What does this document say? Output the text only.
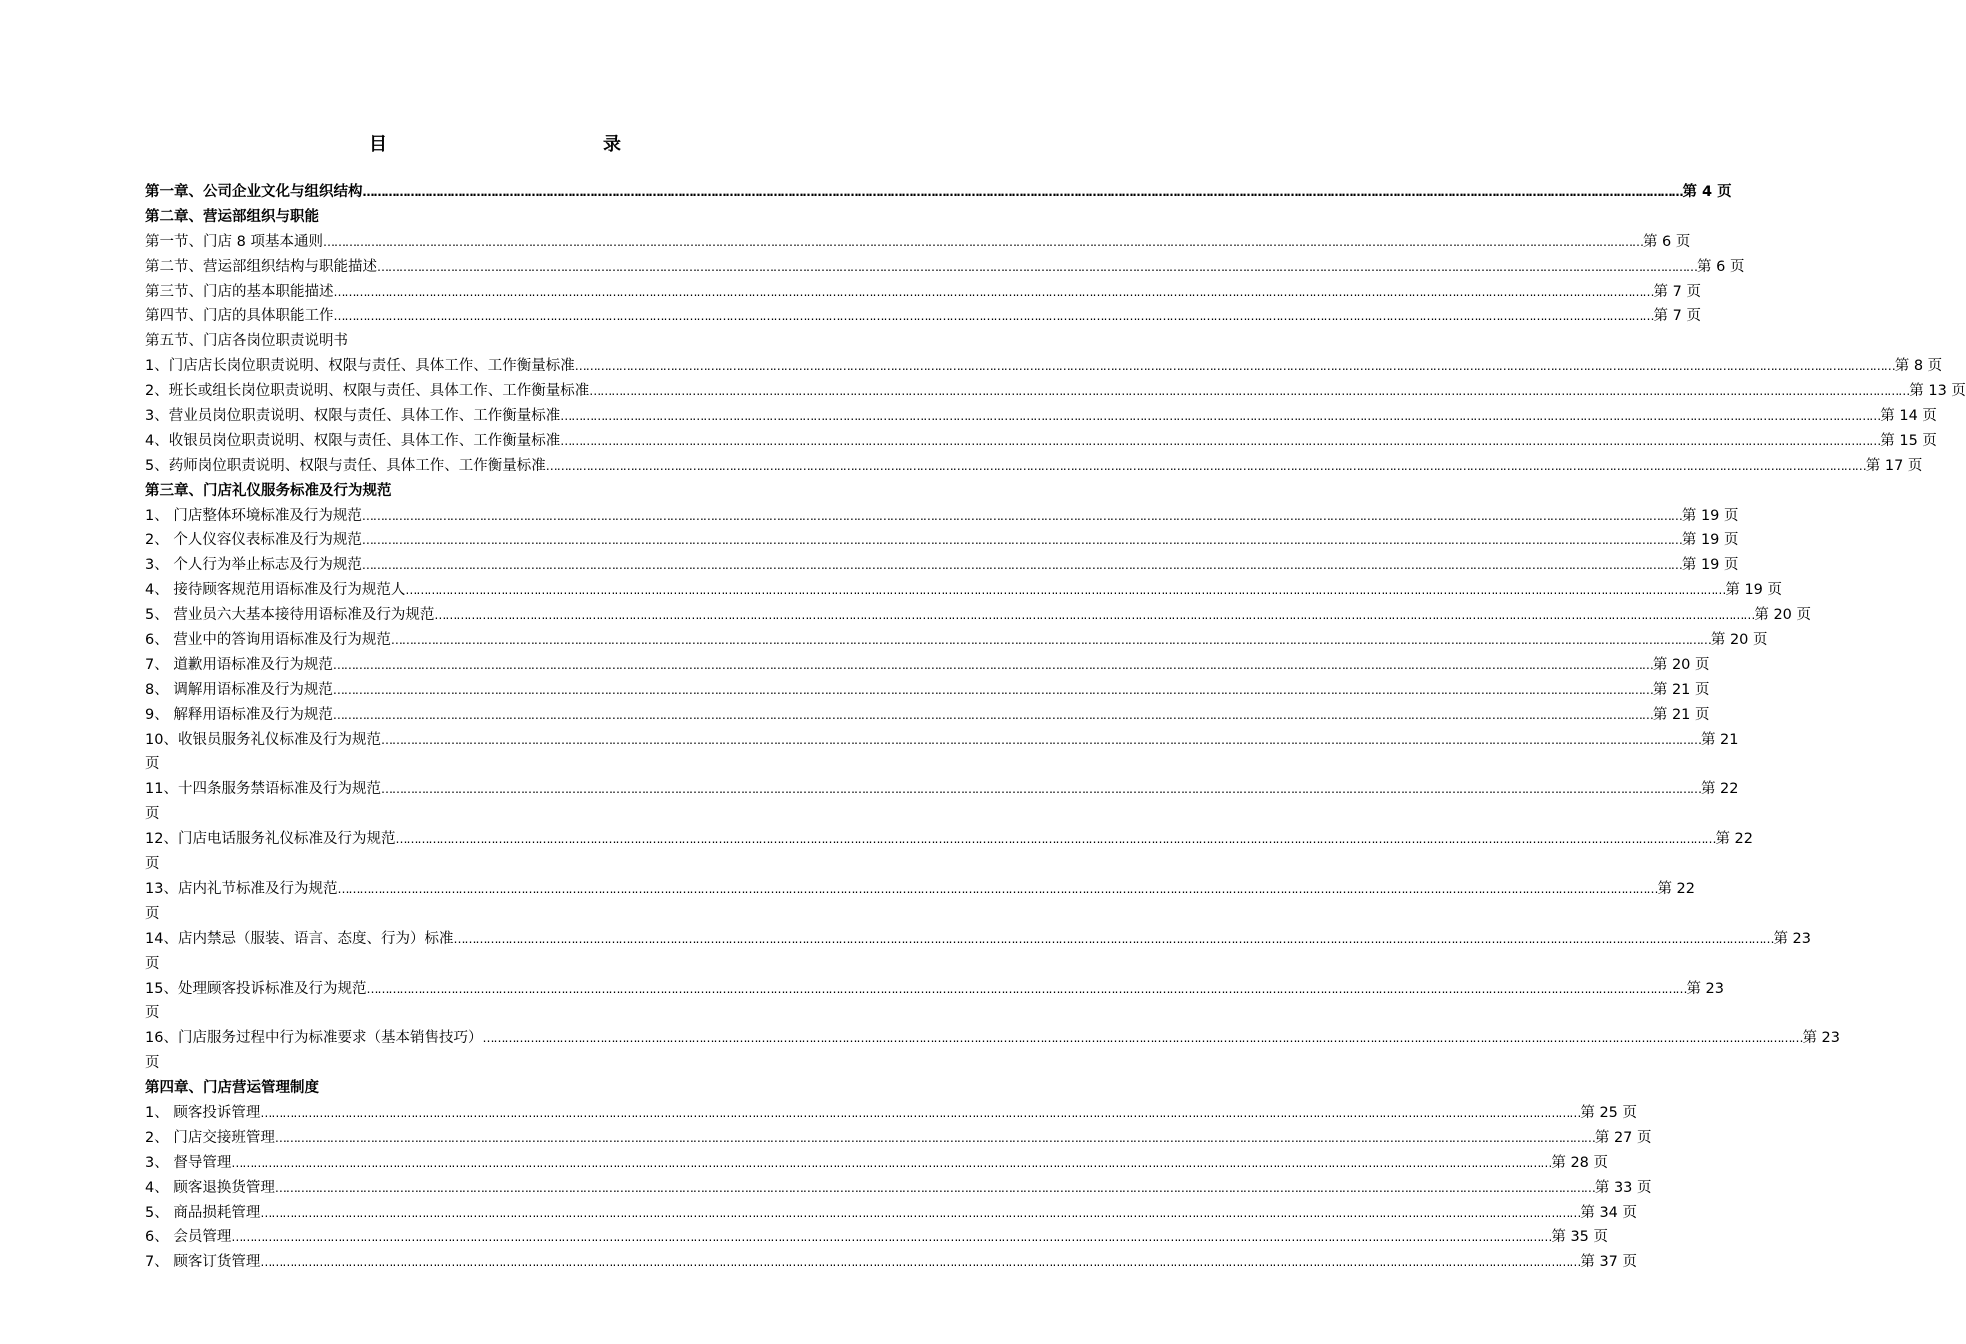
目　　录
第一章、公司企业文化与组织结构 ……………………………………………………………………………………………………………………………………………………………………………………………………………………………………………………………………………………………………………………………… 第 4 页
第二章、营运部组织与职能
第一节、门店 8 项基本通则 ……………………………………………………………………………………………………………………………………………………………………………………………………………………………………………………………………………………………………………………………… 第 6 页
第二节、营运部组织结构与职能描述 ……………………………………………………………………………………………………………………………………………………………………………………………………………………………………………………………………………………………………………………………… 第 6 页
第三节、门店的基本职能描述 ……………………………………………………………………………………………………………………………………………………………………………………………………………………………………………………………………………………………………………………………… 第 7 页
第四节、门店的具体职能工作 ……………………………………………………………………………………………………………………………………………………………………………………………………………………………………………………………………………………………………………………………… 第 7 页
第五节、门店各岗位职责说明书
1、门店店长岗位职责说明、权限与责任、具体工作、工作衡量标准 ……………………………………………………………………………………………………………………………………………………………………………………………………………………………………………………………………………………………………………………………… 第 8 页
2、班长或组长岗位职责说明、权限与责任、具体工作、工作衡量标准 ……………………………………………………………………………………………………………………………………………………………………………………………………………………………………………………………………………………………………………………………… 第 13 页
3、营业员岗位职责说明、权限与责任、具体工作、工作衡量标准 ……………………………………………………………………………………………………………………………………………………………………………………………………………………………………………………………………………………………………………………………… 第 14 页
4、收银员岗位职责说明、权限与责任、具体工作、工作衡量标准 ……………………………………………………………………………………………………………………………………………………………………………………………………………………………………………………………………………………………………………………………… 第 15 页
5、药师岗位职责说明、权限与责任、具体工作、工作衡量标准 ……………………………………………………………………………………………………………………………………………………………………………………………………………………………………………………………………………………………………………………………… 第 17 页
第三章、门店礼仪服务标准及行为规范
1、 门店整体环境标准及行为规范 ……………………………………………………………………………………………………………………………………………………………………………………………………………………………………………………………………………………………………………………………… 第 19 页
2、 个人仪容仪表标准及行为规范 ……………………………………………………………………………………………………………………………………………………………………………………………………………………………………………………………………………………………………………………………… 第 19 页
3、 个人行为举止标志及行为规范 ……………………………………………………………………………………………………………………………………………………………………………………………………………………………………………………………………………………………………………………………… 第 19 页
4、 接待顾客规范用语标准及行为规范人 ……………………………………………………………………………………………………………………………………………………………………………………………………………………………………………………………………………………………………………………………… 第 19 页
5、 营业员六大基本接待用语标准及行为规范 ……………………………………………………………………………………………………………………………………………………………………………………………………………………………………………………………………………………………………………………………… 第 20 页
6、 营业中的答询用语标准及行为规范 ……………………………………………………………………………………………………………………………………………………………………………………………………………………………………………………………………………………………………………………………… 第 20 页
7、 道歉用语标准及行为规范 ……………………………………………………………………………………………………………………………………………………………………………………………………………………………………………………………………………………………………………………………… 第 20 页
8、 调解用语标准及行为规范 ……………………………………………………………………………………………………………………………………………………………………………………………………………………………………………………………………………………………………………………………… 第 21 页
9、 解释用语标准及行为规范 ……………………………………………………………………………………………………………………………………………………………………………………………………………………………………………………………………………………………………………………………… 第 21 页
10、收银员服务礼仪标准及行为规范 ……………………………………………………………………………………………………………………………………………………………………………………………………………………………………………………………………………………………………………………………… 第 21
页
11、十四条服务禁语标准及行为规范 ……………………………………………………………………………………………………………………………………………………………………………………………………………………………………………………………………………………………………………………………… 第 22
页
12、门店电话服务礼仪标准及行为规范 ……………………………………………………………………………………………………………………………………………………………………………………………………………………………………………………………………………………………………………………………… 第 22
页
13、店内礼节标准及行为规范 ……………………………………………………………………………………………………………………………………………………………………………………………………………………………………………………………………………………………………………………………… 第 22
页
14、店内禁忌（服装、语言、态度、行为）标准 ……………………………………………………………………………………………………………………………………………………………………………………………………………………………………………………………………………………………………………………………… 第 23
页
15、处理顾客投诉标准及行为规范 ……………………………………………………………………………………………………………………………………………………………………………………………………………………………………………………………………………………………………………………………… 第 23
页
16、门店服务过程中行为标准要求（基本销售技巧） ……………………………………………………………………………………………………………………………………………………………………………………………………………………………………………………………………………………………………………………………… 第 23
页
第四章、门店营运管理制度
1、 顾客投诉管理 ……………………………………………………………………………………………………………………………………………………………………………………………………………………………………………………………………………………………………………………………… 第 25 页
2、 门店交接班管理 ……………………………………………………………………………………………………………………………………………………………………………………………………………………………………………………………………………………………………………………………… 第 27 页
3、 督导管理 ……………………………………………………………………………………………………………………………………………………………………………………………………………………………………………………………………………………………………………………………… 第 28 页
4、 顾客退换货管理 ……………………………………………………………………………………………………………………………………………………………………………………………………………………………………………………………………………………………………………………………… 第 33 页
5、 商品损耗管理 ……………………………………………………………………………………………………………………………………………………………………………………………………………………………………………………………………………………………………………………………… 第 34 页
6、 会员管理 ……………………………………………………………………………………………………………………………………………………………………………………………………………………………………………………………………………………………………………………………… 第 35 页
7、 顾客订货管理 ……………………………………………………………………………………………………………………………………………………………………………………………………………………………………………………………………………………………………………………………… 第 37 页
